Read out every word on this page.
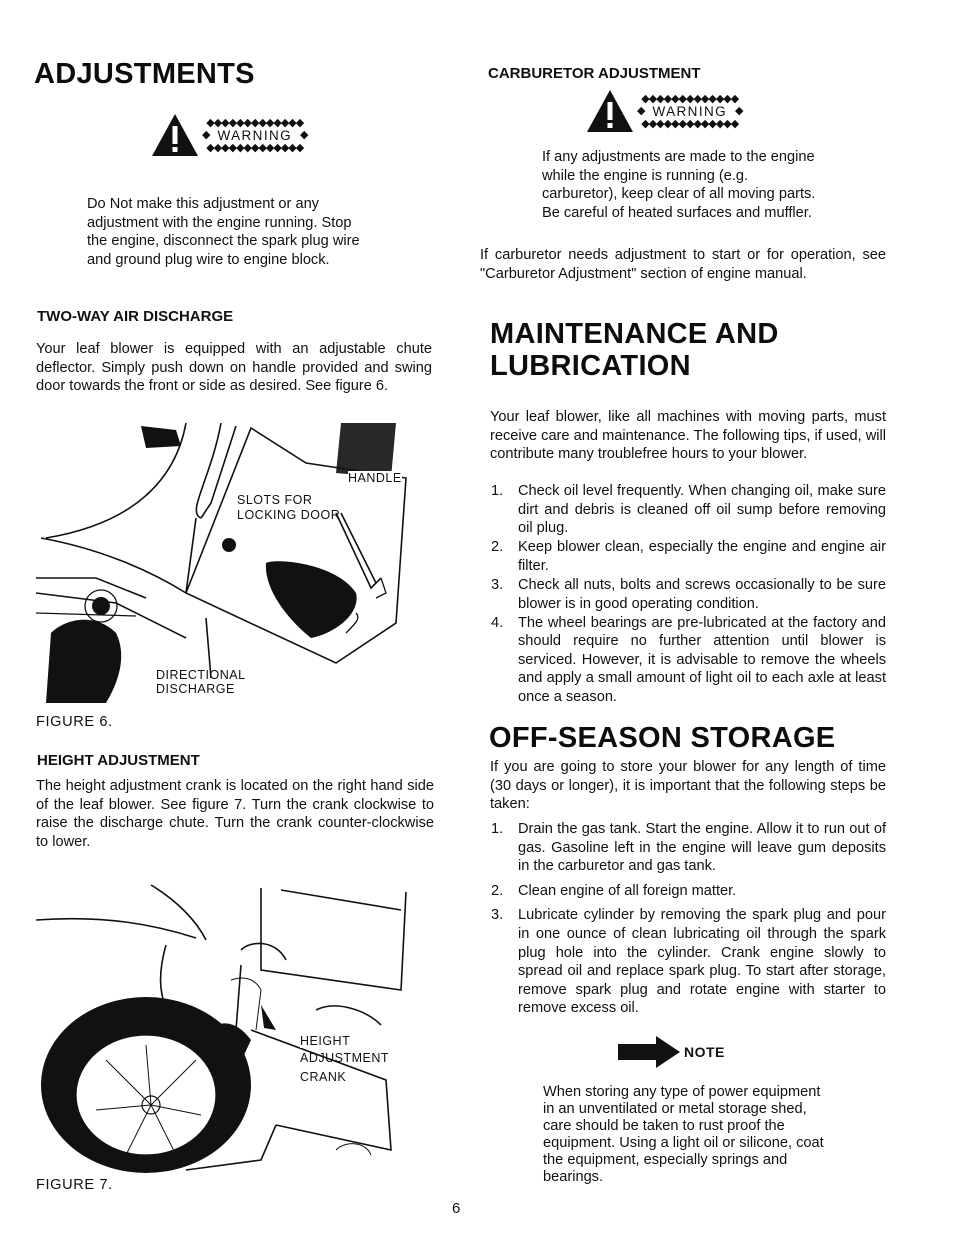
ADJUSTMENTS
◆◆◆◆◆◆◆◆◆◆◆◆◆
◆ WARNING ◆
◆◆◆◆◆◆◆◆◆◆◆◆◆

Do Not make this adjustment or any adjustment with the engine running. Stop the engine, disconnect the spark plug wire and ground plug wire to engine block.

TWO-WAY AIR DISCHARGE

Your leaf blower is equipped with an adjustable chute deflector. Simply push down on handle provided and swing door towards the front or side as desired. See figure 6.

HANDLE
SLOTS FOR
LOCKING DOOR
DIRECTIONAL
DISCHARGE
FIGURE 6.
HEIGHT ADJUSTMENT

The height adjustment crank is located on the right hand side of the leaf blower. See figure 7. Turn the crank clockwise to raise the discharge chute. Turn the crank counter-clockwise to lower.

HEIGHT
ADJUSTMENT
CRANK
FIGURE 7.
CARBURETOR ADJUSTMENT
◆◆◆◆◆◆◆◆◆◆◆◆◆
◆ WARNING ◆
◆◆◆◆◆◆◆◆◆◆◆◆◆

If any adjustments are made to the engine while the engine is running (e.g. carburetor), keep clear of all moving parts. Be careful of heated surfaces and muffler.

If carburetor needs adjustment to start or for operation, see "Carburetor Adjustment" section of engine manual.

MAINTENANCE AND
LUBRICATION

Your leaf blower, like all machines with moving parts, must receive care and maintenance. The following tips, if used, will contribute many troublefree hours to your blower.

1. Check oil level frequently. When changing oil, make sure dirt and debris is cleaned off oil sump before removing oil plug.
2. Keep blower clean, especially the engine and engine air filter.
3. Check all nuts, bolts and screws occasionally to be sure blower is in good operating condition.
4. The wheel bearings are pre-lubricated at the factory and should require no further attention until blower is serviced. However, it is advisable to remove the wheels and apply a small amount of light oil to each axle at least once a season.
OFF-SEASON STORAGE

If you are going to store your blower for any length of time (30 days or longer), it is important that the following steps be taken:

1. Drain the gas tank. Start the engine. Allow it to run out of gas. Gasoline left in the engine will leave gum deposits in the carburetor and gas tank.
2. Clean engine of all foreign matter.
3. Lubricate cylinder by removing the spark plug and pour in one ounce of clean lubricating oil through the spark plug hole into the cylinder. Crank engine slowly to spread oil and replace spark plug. To start after storage, remove spark plug and rotate engine with starter to remove excess oil.
NOTE

When storing any type of power equipment in an unventilated or metal storage shed, care should be taken to rust proof the equipment. Using a light oil or silicone, coat the equipment, especially springs and bearings.

6
